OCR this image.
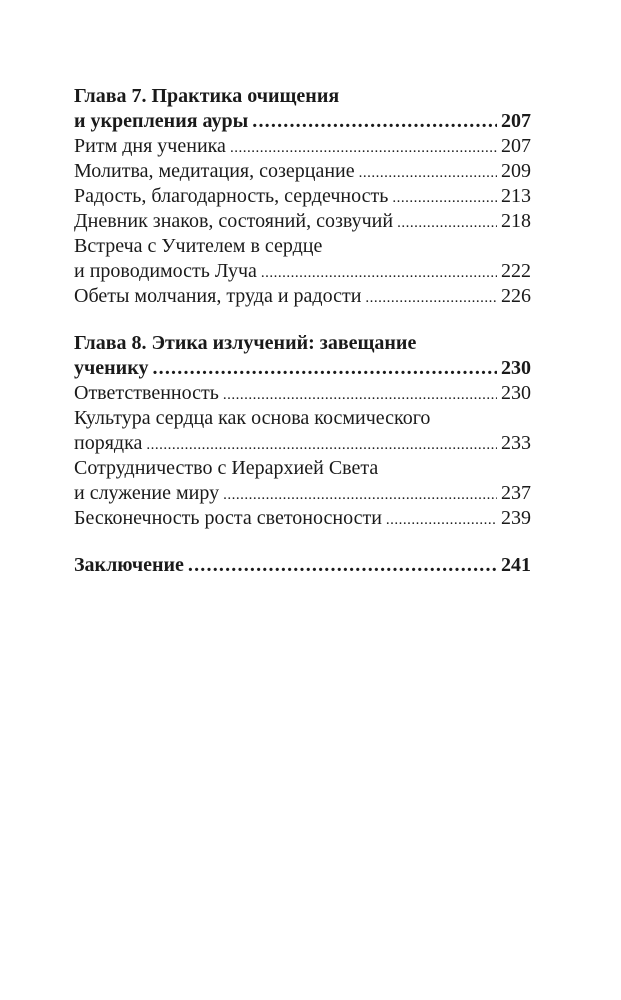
Глава 7. Практика очищения
и укрепления ауры .....	207
Ритм дня ученика .....	207
Молитва, медитация, созерцание .....	209
Радость, благодарность, сердечность .....	213
Дневник знаков, состояний, созвучий .....	218
Встреча с Учителем в сердце
и проводимость Луча .....	222
Обеты молчания, труда и радости .....	226
Глава 8. Этика излучений: завещание
ученику .....	230
Ответственность .....	230
Культура сердца как основа космического
порядка .....	233
Сотрудничество с Иерархией Света
и служение миру .....	237
Бесконечность роста светоносности .....	239
Заключение .....	241
